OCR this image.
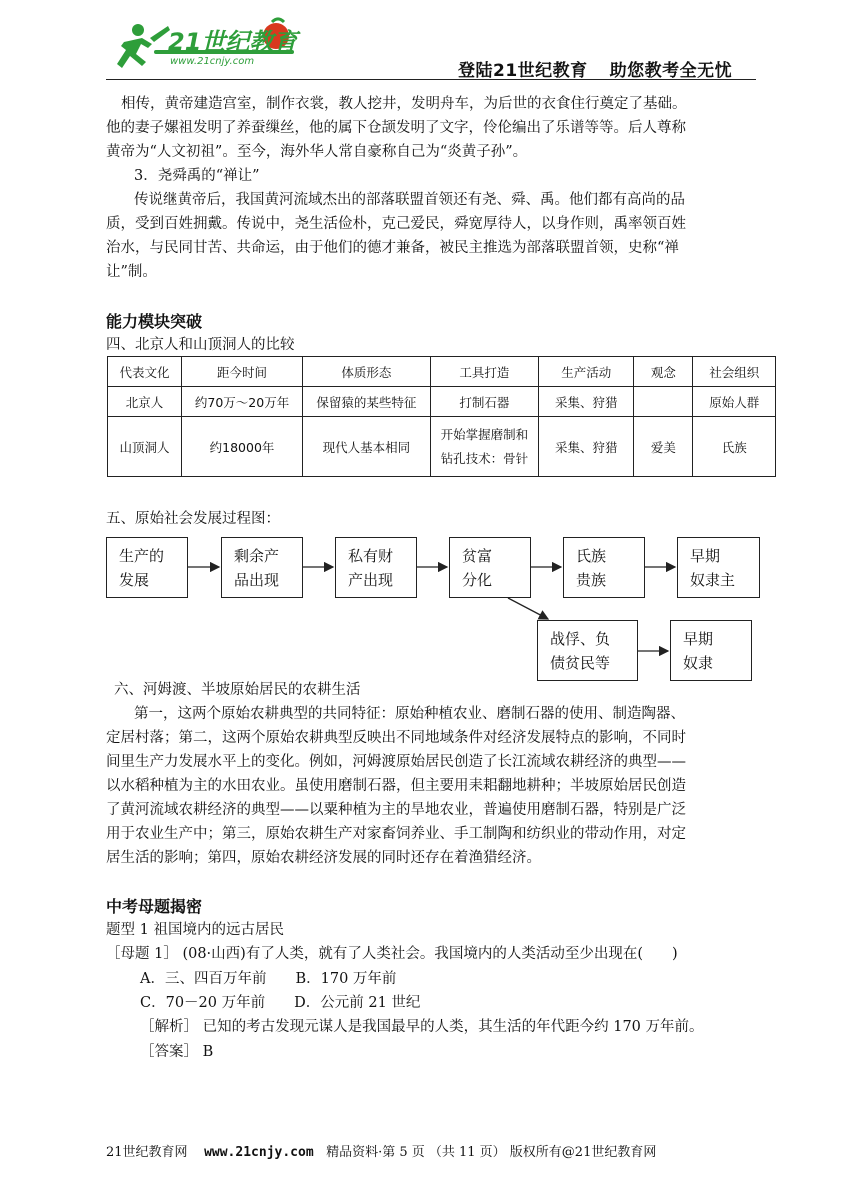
21世纪教育
www.21cnjy.com	登陆21世纪教育 助您教考全无忧
相传，黄帝建造宫室，制作衣裳，教人挖井，发明舟车，为后世的衣食住行奠定了基础。
他的妻子嫘祖发明了养蚕缫丝，他的属下仓颉发明了文字，伶伦编出了乐谱等等。后人尊称
黄帝为“人文初祖”。至今，海外华人常自豪称自己为“炎黄子孙”。
3．尧舜禹的“禅让”
传说继黄帝后，我国黄河流域杰出的部落联盟首领还有尧、舜、禹。他们都有高尚的品
质，受到百姓拥戴。传说中，尧生活俭朴，克己爱民，舜宽厚待人，以身作则，禹率领百姓
治水，与民同甘苦、共命运，由于他们的德才兼备，被民主推选为部落联盟首领，史称“禅
让”制。
能力模块突破
四、北京人和山顶洞人的比较
代表文化	距今时间	体质形态	工具打造	生产活动	观念	社会组织
北京人	约70万～20万年	保留猿的某些特征	打制石器	采集、狩猎		原始人群
山顶洞人	约18000年	现代人基本相同	开始掌握磨制和
钻孔技术：骨针	采集、狩猎	爱美	氏族
五、原始社会发展过程图：
生产的
发展
剩余产
品出现
私有财
产出现
贫富
分化
氏族
贵族
早期
奴隶主
战俘、负
债贫民等
早期
奴隶
六、河姆渡、半坡原始居民的农耕生活
第一，这两个原始农耕典型的共同特征：原始种植农业、磨制石器的使用、制造陶器、
定居村落；第二，这两个原始农耕典型反映出不同地域条件对经济发展特点的影响，不同时
间里生产力发展水平上的变化。例如，河姆渡原始居民创造了长江流域农耕经济的典型——
以水稻种植为主的水田农业。虽使用磨制石器，但主要用耒耜翻地耕种；半坡原始居民创造
了黄河流域农耕经济的典型——以粟种植为主的旱地农业，普遍使用磨制石器，特别是广泛
用于农业生产中；第三，原始农耕生产对家畜饲养业、手工制陶和纺织业的带动作用，对定
居生活的影响；第四，原始农耕经济发展的同时还存在着渔猎经济。
中考母题揭密
题型 1 祖国境内的远古居民
［母题 1］ (08·山西)有了人类，就有了人类社会。我国境内的人类活动至少出现在(　　)
A．三、四百万年前　　B．170 万年前
C．70－20 万年前　　D．公元前 21 世纪
［解析］ 已知的考古发现元谋人是我国最早的人类，其生活的年代距今约 170 万年前。
［答案］ B
21世纪教育网 www.21cnjy.com 精品资料·第 5 页 （共 11 页） 版权所有@21世纪教育网
